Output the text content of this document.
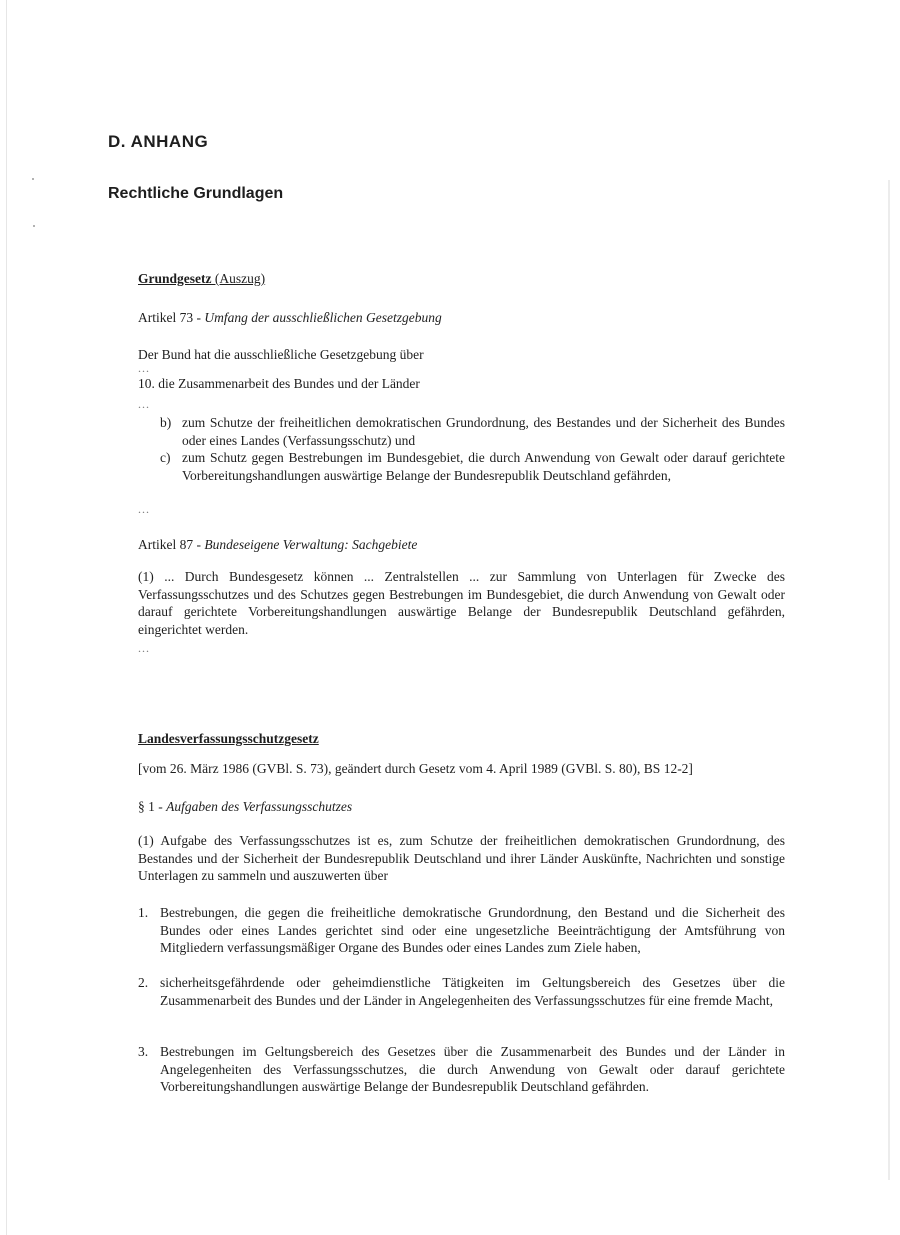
D. ANHANG
Rechtliche Grundlagen
Grundgesetz (Auszug)
Artikel 73 - Umfang der ausschließlichen Gesetzgebung
Der Bund hat die ausschließliche Gesetzgebung über
...
10. die Zusammenarbeit des Bundes und der Länder
...
b) zum Schutze der freiheitlichen demokratischen Grundordnung, des Bestandes und der Sicherheit des Bundes oder eines Landes (Verfassungsschutz) und
c) zum Schutz gegen Bestrebungen im Bundesgebiet, die durch Anwendung von Gewalt oder darauf gerichtete Vorbereitungshandlungen auswärtige Belange der Bundesrepublik Deutschland gefährden,
...
Artikel 87 - Bundeseigene Verwaltung: Sachgebiete
(1) ... Durch Bundesgesetz können ... Zentralstellen ... zur Sammlung von Unterlagen für Zwecke des Verfassungsschutzes und des Schutzes gegen Bestrebungen im Bundesgebiet, die durch Anwendung von Gewalt oder darauf gerichtete Vorbereitungshandlungen auswärtige Belange der Bundesrepublik Deutschland gefährden, eingerichtet werden.
...
Landesverfassungsschutzgesetz
[vom 26. März 1986 (GVBl. S. 73), geändert durch Gesetz vom 4. April 1989 (GVBl. S. 80), BS 12-2]
§ 1 - Aufgaben des Verfassungsschutzes
(1) Aufgabe des Verfassungsschutzes ist es, zum Schutze der freiheitlichen demokratischen Grundordnung, des Bestandes und der Sicherheit der Bundesrepublik Deutschland und ihrer Länder Auskünfte, Nachrichten und sonstige Unterlagen zu sammeln und auszuwerten über
1. Bestrebungen, die gegen die freiheitliche demokratische Grundordnung, den Bestand und die Sicherheit des Bundes oder eines Landes gerichtet sind oder eine ungesetzliche Beeinträchtigung der Amtsführung von Mitgliedern verfassungsmäßiger Organe des Bundes oder eines Landes zum Ziele haben,
2. sicherheitsgefährdende oder geheimdienstliche Tätigkeiten im Geltungsbereich des Gesetzes über die Zusammenarbeit des Bundes und der Länder in Angelegenheiten des Verfassungsschutzes für eine fremde Macht,
3. Bestrebungen im Geltungsbereich des Gesetzes über die Zusammenarbeit des Bundes und der Länder in Angelegenheiten des Verfassungsschutzes, die durch Anwendung von Gewalt oder darauf gerichtete Vorbereitungshandlungen auswärtige Belange der Bundesrepublik Deutschland gefährden.
